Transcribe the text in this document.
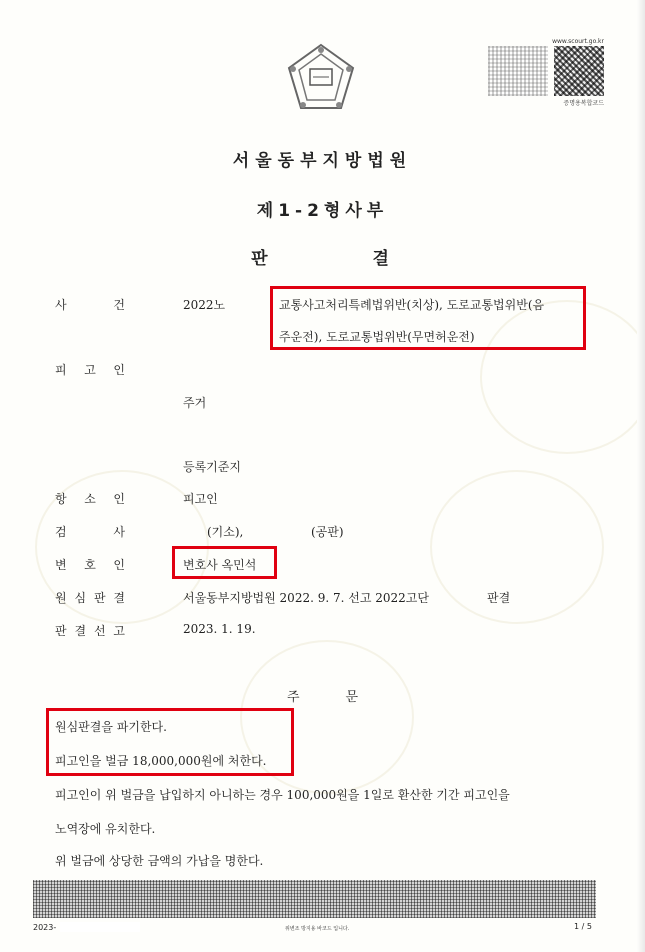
www.scourt.go.kr
증명용복합코드
서울동부지방법원
제1-2형사부
판	결
사	건	2022노	교통사고처리특례법위반(치상), 도로교통법위반(음
주운전), 도로교통법위반(무면허운전)
피 고 인
주거
등록기준지
항 소 인	피고인
검	사	(기소),	(공판)
변 호 인	변호사 옥민석
원 심 판 결	서울동부지방법원 2022. 9. 7. 선고 2022고단	판결
판 결 선 고	2023. 1. 19.
주	문
원심판결을 파기한다.
피고인을 벌금 18,000,000원에 처한다.
피고인이 위 벌금을 납입하지 아니하는 경우 100,000원을 1일로 환산한 기간 피고인을
노역장에 유치한다.
위 벌금에 상당한 금액의 가납을 명한다.
2023-	위변조 방지용 바코드 입니다.	1 / 5
